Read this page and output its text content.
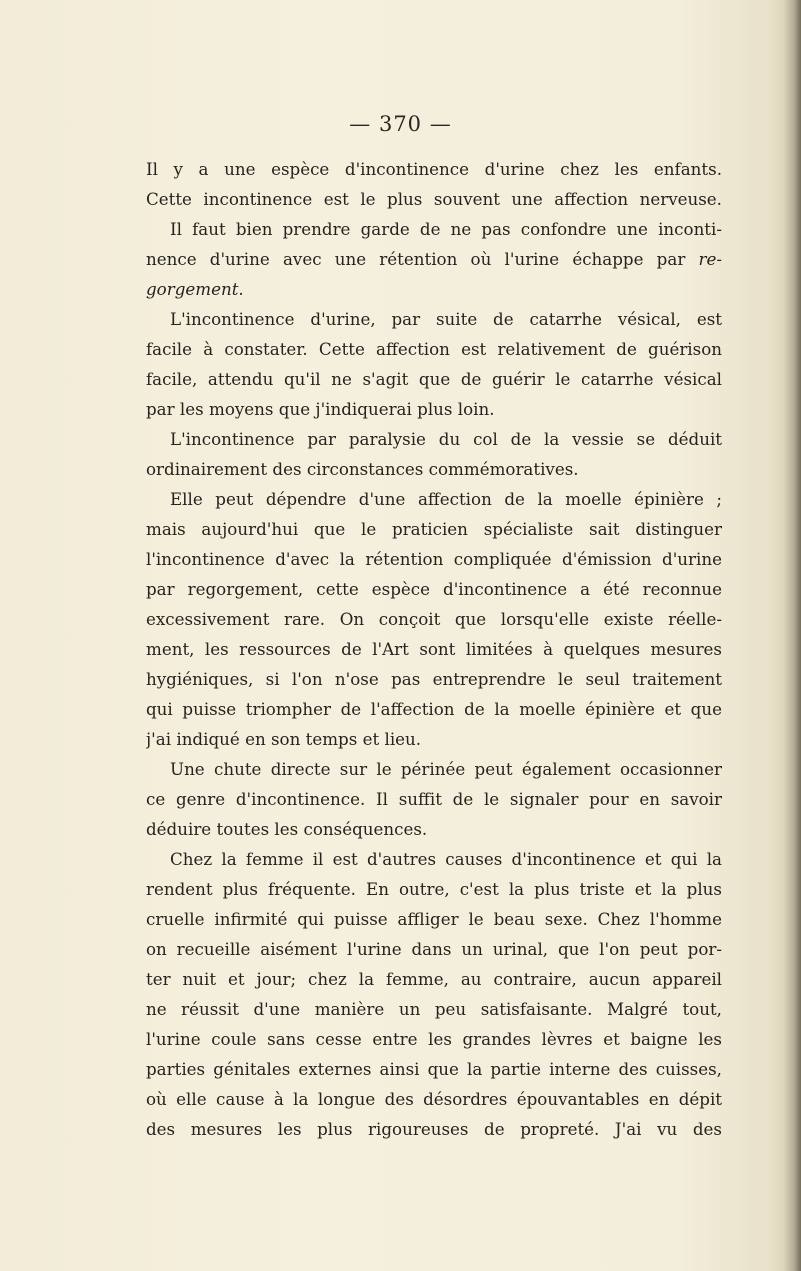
— 370 —
Il y a une espèce d'incontinence d'urine chez les enfants.
Cette incontinence est le plus souvent une affection nerveuse.
Il faut bien prendre garde de ne pas confondre une inconti-
nence d'urine avec une rétention où l'urine échappe par re-
gorgement.
L'incontinence d'urine, par suite de catarrhe vésical, est
facile à constater. Cette affection est relativement de guérison
facile, attendu qu'il ne s'agit que de guérir le catarrhe vésical
par les moyens que j'indiquerai plus loin.
L'incontinence par paralysie du col de la vessie se déduit
ordinairement des circonstances commémoratives.
Elle peut dépendre d'une affection de la moelle épinière ;
mais aujourd'hui que le praticien spécialiste sait distinguer
l'incontinence d'avec la rétention compliquée d'émission d'urine
par regorgement, cette espèce d'incontinence a été reconnue
excessivement rare. On conçoit que lorsqu'elle existe réelle-
ment, les ressources de l'Art sont limitées à quelques mesures
hygiéniques, si l'on n'ose pas entreprendre le seul traitement
qui puisse triompher de l'affection de la moelle épinière et que
j'ai indiqué en son temps et lieu.
Une chute directe sur le périnée peut également occasionner
ce genre d'incontinence. Il suffit de le signaler pour en savoir
déduire toutes les conséquences.
Chez la femme il est d'autres causes d'incontinence et qui la
rendent plus fréquente. En outre, c'est la plus triste et la plus
cruelle infirmité qui puisse affliger le beau sexe. Chez l'homme
on recueille aisément l'urine dans un urinal, que l'on peut por-
ter nuit et jour; chez la femme, au contraire, aucun appareil
ne réussit d'une manière un peu satisfaisante. Malgré tout,
l'urine coule sans cesse entre les grandes lèvres et baigne les
parties génitales externes ainsi que la partie interne des cuisses,
où elle cause à la longue des désordres épouvantables en dépit
des mesures les plus rigoureuses de propreté. J'ai vu des
